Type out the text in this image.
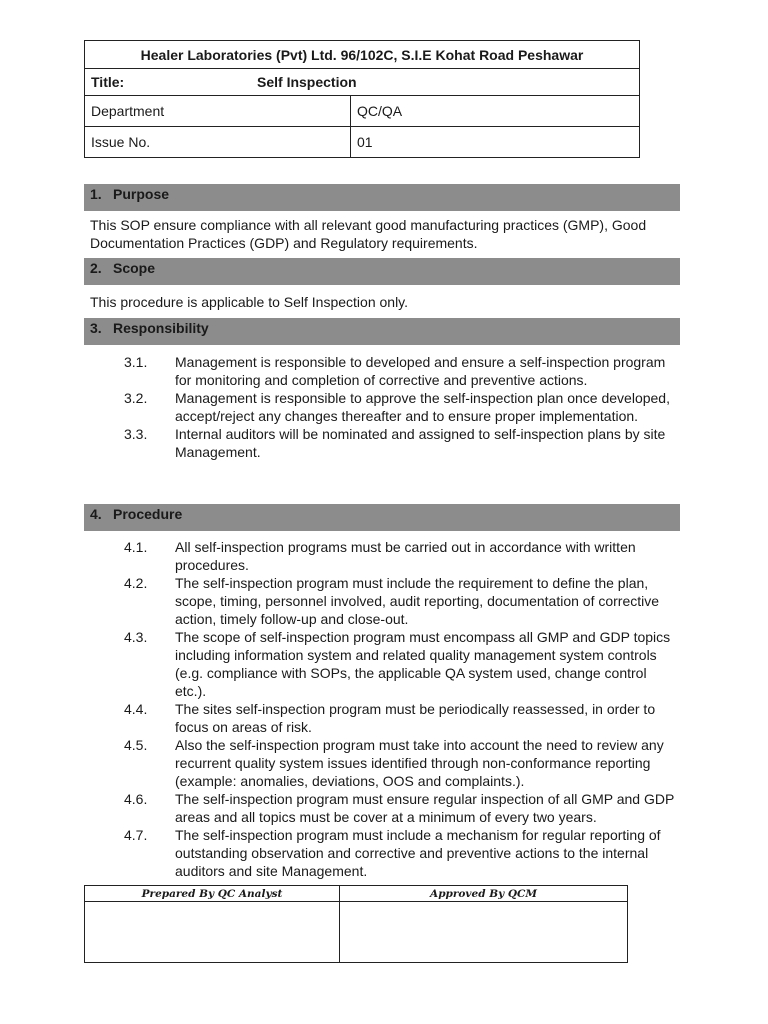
Healer Laboratories (Pvt) Ltd. 96/102C, S.I.E Kohat Road Peshawar	
Title: Self Inspection	
Department	QC/QA
Issue No.	01
1. Purpose

This SOP ensure compliance with all relevant good manufacturing practices (GMP), Good Documentation Practices (GDP) and Regulatory requirements.

2. Scope

This procedure is applicable to Self Inspection only.

3. Responsibility
3.1. Management is responsible to developed and ensure a self-inspection program for monitoring and completion of corrective and preventive actions.
3.2. Management is responsible to approve the self-inspection plan once developed, accept/reject any changes thereafter and to ensure proper implementation.
3.3. Internal auditors will be nominated and assigned to self-inspection plans by site Management.
4. Procedure
4.1. All self-inspection programs must be carried out in accordance with written procedures.
4.2. The self-inspection program must include the requirement to define the plan, scope, timing, personnel involved, audit reporting, documentation of corrective action, timely follow-up and close-out.
4.3. The scope of self-inspection program must encompass all GMP and GDP topics including information system and related quality management system controls (e.g. compliance with SOPs, the applicable QA system used, change control etc.).
4.4. The sites self-inspection program must be periodically reassessed, in order to focus on areas of risk.
4.5. Also the self-inspection program must take into account the need to review any recurrent quality system issues identified through non-conformance reporting (example: anomalies, deviations, OOS and complaints.).
4.6. The self-inspection program must ensure regular inspection of all GMP and GDP areas and all topics must be cover at a minimum of every two years.
4.7. The self-inspection program must include a mechanism for regular reporting of outstanding observation and corrective and preventive actions to the internal auditors and site Management.
Prepared By QC Analyst	Approved By QCM
